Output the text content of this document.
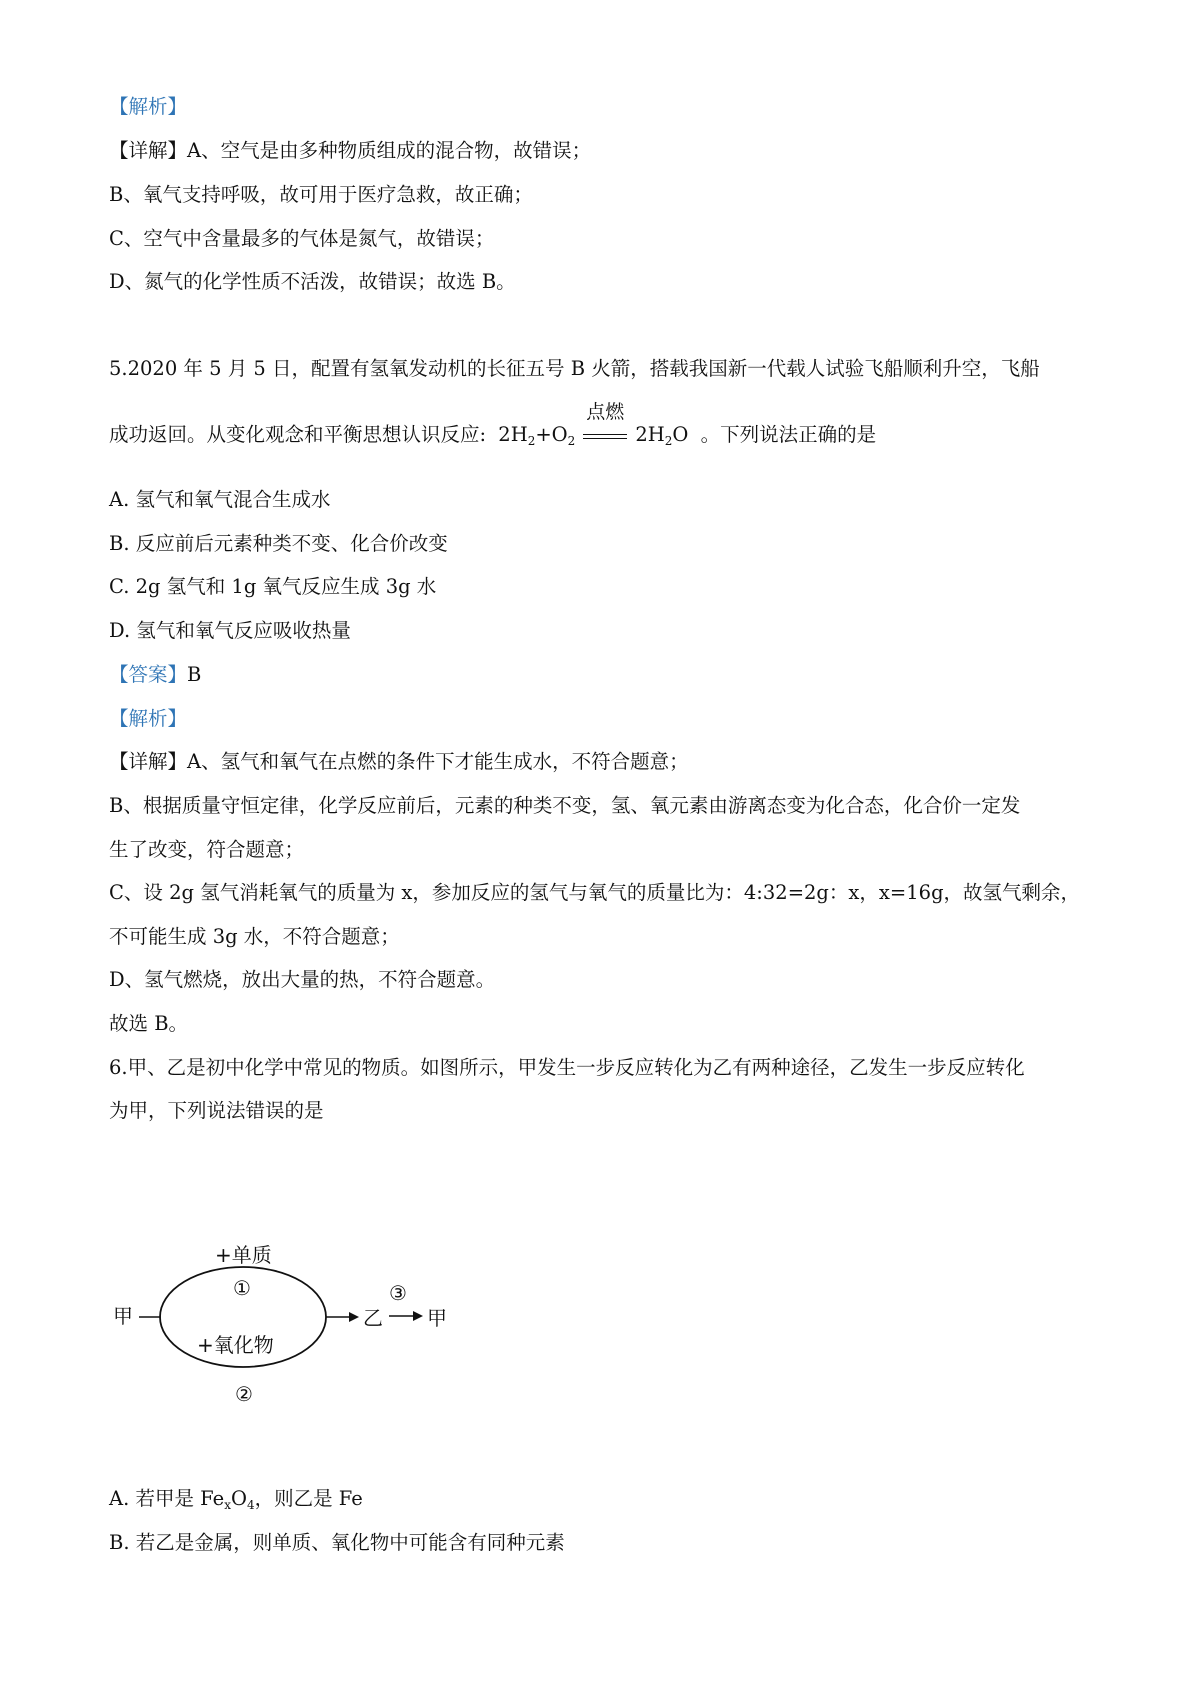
【解析】
【详解】A、空气是由多种物质组成的混合物，故错误；
B、氧气支持呼吸，故可用于医疗急救，故正确；
C、空气中含量最多的气体是氮气，故错误；
D、氮气的化学性质不活泼，故错误；故选 B。
5.2020 年 5 月 5 日，配置有氢氧发动机的长征五号 B 火箭，搭载我国新一代载人试验飞船顺利升空，飞船
成功返回。从变化观念和平衡思想认识反应: $2H_2+O_2$
点燃
$2H_2O$ 。下列说法正确的是
A. 氢气和氧气混合生成水
B. 反应前后元素种类不变、化合价改变
C. 2g 氢气和 1g 氧气反应生成 3g 水
D. 氢气和氧气反应吸收热量
【答案】B
【解析】
【详解】A、氢气和氧气在点燃的条件下才能生成水，不符合题意；
B、根据质量守恒定律，化学反应前后，元素的种类不变，氢、氧元素由游离态变为化合态，化合价一定发
生了改变，符合题意；
C、设 2g 氢气消耗氧气的质量为 x，参加反应的氢气与氧气的质量比为：4:32=2g：x，x=16g，故氢气剩余，
不可能生成 3g 水，不符合题意；
D、氢气燃烧，放出大量的热，不符合题意。
故选 B。
6.甲、乙是初中化学中常见的物质。如图所示，甲发生一步反应转化为乙有两种途径，乙发生一步反应转化
为甲，下列说法错误的是
甲
+单质
①
+氧化物
②
乙
③
甲
A. 若甲是 $Fe_xO_4$，则乙是 Fe
B. 若乙是金属，则单质、氧化物中可能含有同种元素
